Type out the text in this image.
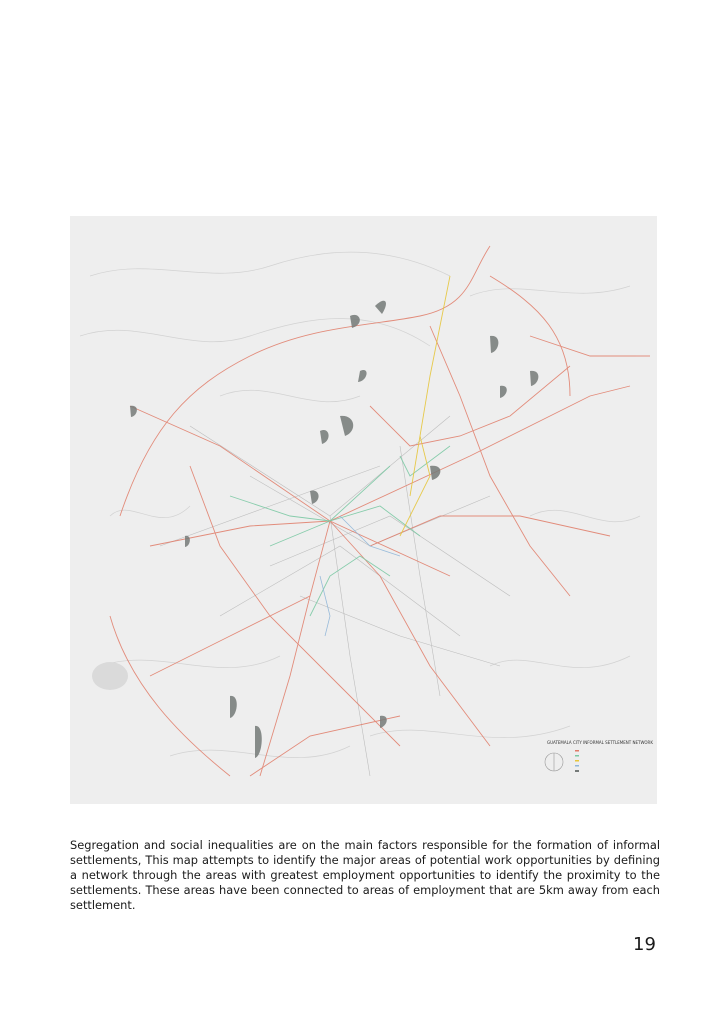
GUATEMALA CITY INFORMAL SETTLEMENT NETWORK

Segregation and social inequalities are on the main factors responsible for the formation of informal settlements, This map attempts to identify the major areas of potential work opportunities by defining a network through the areas with greatest employment opportunities to identify the proximity to the settlements. These areas have been connected to areas of employment that are 5km away from each settlement.

19
